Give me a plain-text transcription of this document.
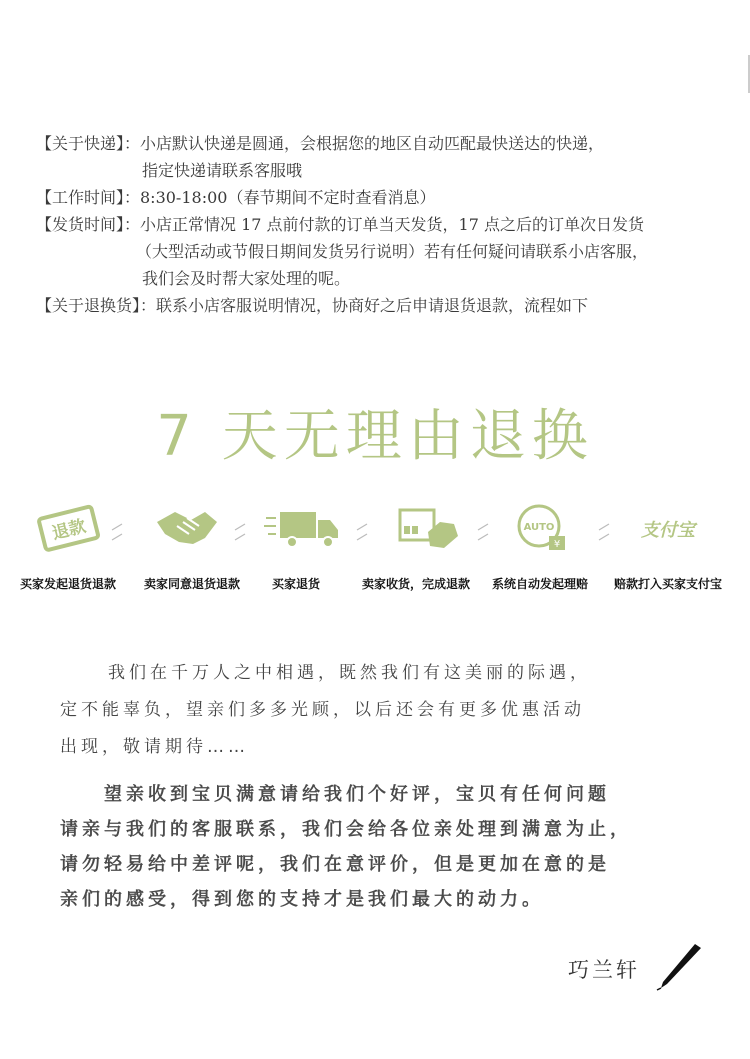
【关于快递】：小店默认快递是圆通，会根据您的地区自动匹配最快送达的快递，
指定快递请联系客服哦
【工作时间】：8:30-18:00（春节期间不定时查看消息）
【发货时间】：小店正常情况 17 点前付款的订单当天发货，17 点之后的订单次日发货
（大型活动或节假日期间发货另行说明）若有任何疑问请联系小店客服，
我们会及时帮大家处理的呢。
【关于退换货】：联系小店客服说明情况，协商好之后申请退货退款，流程如下
7 天无理由退换
退款	AUTO
¥
支付宝
买家发起退货退款	卖家同意退货退款	买家退货	卖家收货，完成退款	系统自动发起理赔	赔款打入买家支付宝
我们在千万人之中相遇，既然我们有这美丽的际遇，
定不能辜负，望亲们多多光顾，以后还会有更多优惠活动
出现，敬请期待……
望亲收到宝贝满意请给我们个好评，宝贝有任何问题
请亲与我们的客服联系，我们会给各位亲处理到满意为止，
请勿轻易给中差评呢，我们在意评价，但是更加在意的是
亲们的感受，得到您的支持才是我们最大的动力。
巧兰轩
